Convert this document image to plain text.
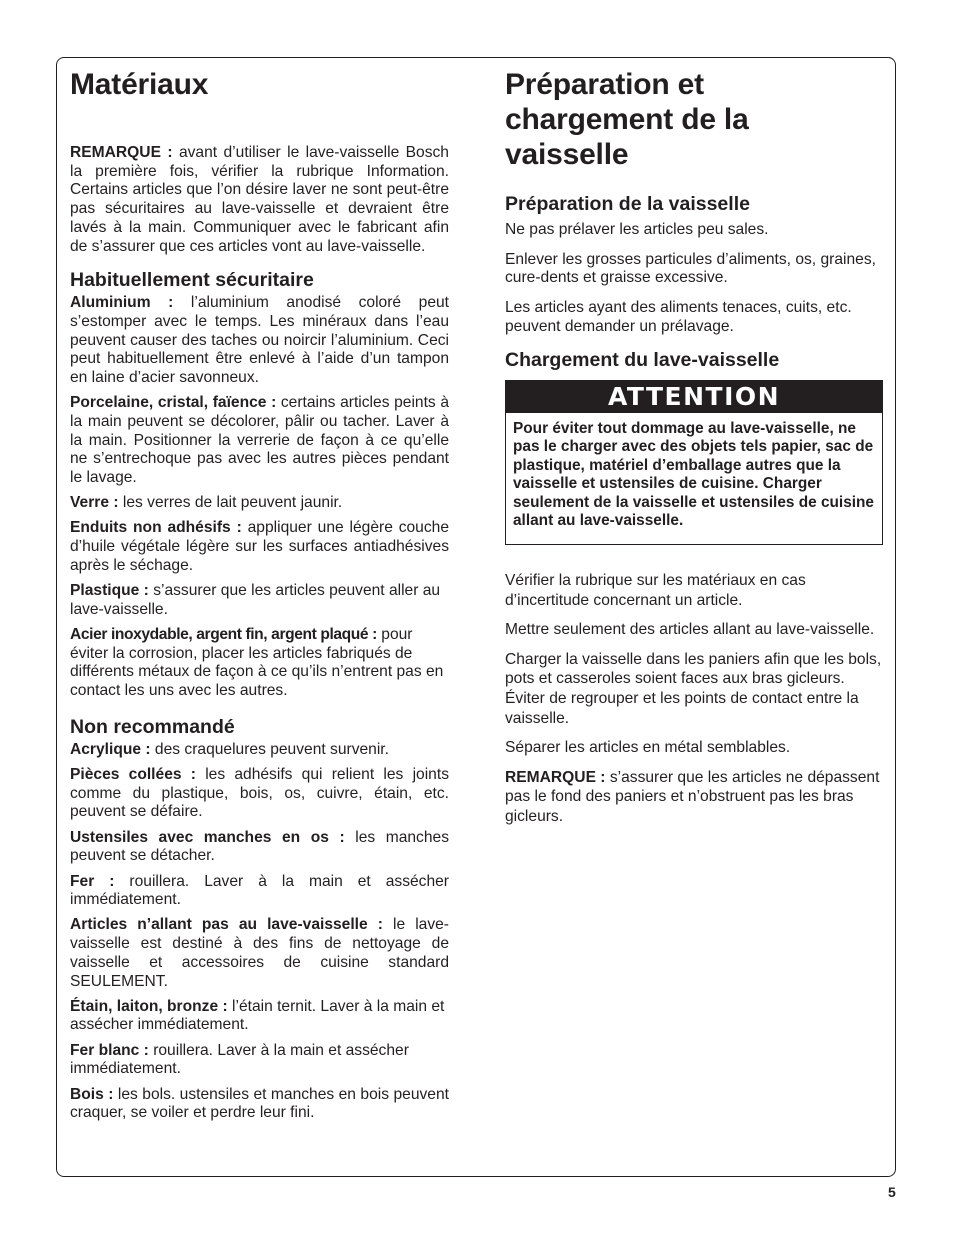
Matériaux

REMARQUE : avant d’utiliser le lave-vaisselle Bosch la première fois, vérifier la rubrique Information. Certains articles que l’on désire laver ne sont peut-être pas sécuritaires au lave-vaisselle et devraient être lavés à la main. Communiquer avec le fabricant afin de s’assurer que ces articles vont au lave-vaisselle.

Habituellement sécuritaire

Aluminium : l’aluminium anodisé coloré peut s’estomper avec le temps. Les minéraux dans l’eau peuvent causer des taches ou noircir l’aluminium. Ceci peut habituellement être enlevé à l’aide d’un tampon en laine d’acier savonneux.

Porcelaine, cristal, faïence : certains articles peints à la main peuvent se décolorer, pâlir ou tacher. Laver à la main. Positionner la verrerie de façon à ce qu’elle ne s’entrechoque pas avec les autres pièces pendant le lavage.

Verre : les verres de lait peuvent jaunir.

Enduits non adhésifs : appliquer une légère couche d’huile végétale légère sur les surfaces antiadhésives après le séchage.

Plastique : s’assurer que les articles peuvent aller au lave-vaisselle.

Acier inoxydable, argent fin, argent plaqué : pour éviter la corrosion, placer les articles fabriqués de différents métaux de façon à ce qu’ils n’entrent pas en contact les uns avec les autres.

Non recommandé

Acrylique : des craquelures peuvent survenir.

Pièces collées : les adhésifs qui relient les joints comme du plastique, bois, os, cuivre, étain, etc. peuvent se défaire.

Ustensiles avec manches en os : les manches peuvent se détacher.

Fer : rouillera. Laver à la main et assécher immédiatement.

Articles n’allant pas au lave-vaisselle : le lave-vaisselle est destiné à des fins de nettoyage de vaisselle et accessoires de cuisine standard SEULEMENT.

Étain, laiton, bronze : l’étain ternit. Laver à la main et assécher immédiatement.

Fer blanc : rouillera. Laver à la main et assécher immédiatement.

Bois : les bols. ustensiles et manches en bois peuvent craquer, se voiler et perdre leur fini.

Préparation et
chargement de la
vaisselle
Préparation de la vaisselle

Ne pas prélaver les articles peu sales.

Enlever les grosses particules d’aliments, os, graines, cure-dents et graisse excessive.

Les articles ayant des aliments tenaces, cuits, etc. peuvent demander un prélavage.

Chargement du lave-vaisselle
ATTENTION
Pour éviter tout dommage au lave-vaisselle, ne pas le charger avec des objets tels papier, sac de plastique, matériel d’emballage autres que la vaisselle et ustensiles de cuisine. Charger seulement de la vaisselle et ustensiles de cuisine allant au lave-vaisselle.

Vérifier la rubrique sur les matériaux en cas d’incertitude concernant un article.

Mettre seulement des articles allant au lave-vaisselle.

Charger la vaisselle dans les paniers afin que les bols, pots et casseroles soient faces aux bras gicleurs. Éviter de regrouper et les points de contact entre la vaisselle.

Séparer les articles en métal semblables.

REMARQUE : s’assurer que les articles ne dépassent pas le fond des paniers et n’obstruent pas les bras gicleurs.

5
